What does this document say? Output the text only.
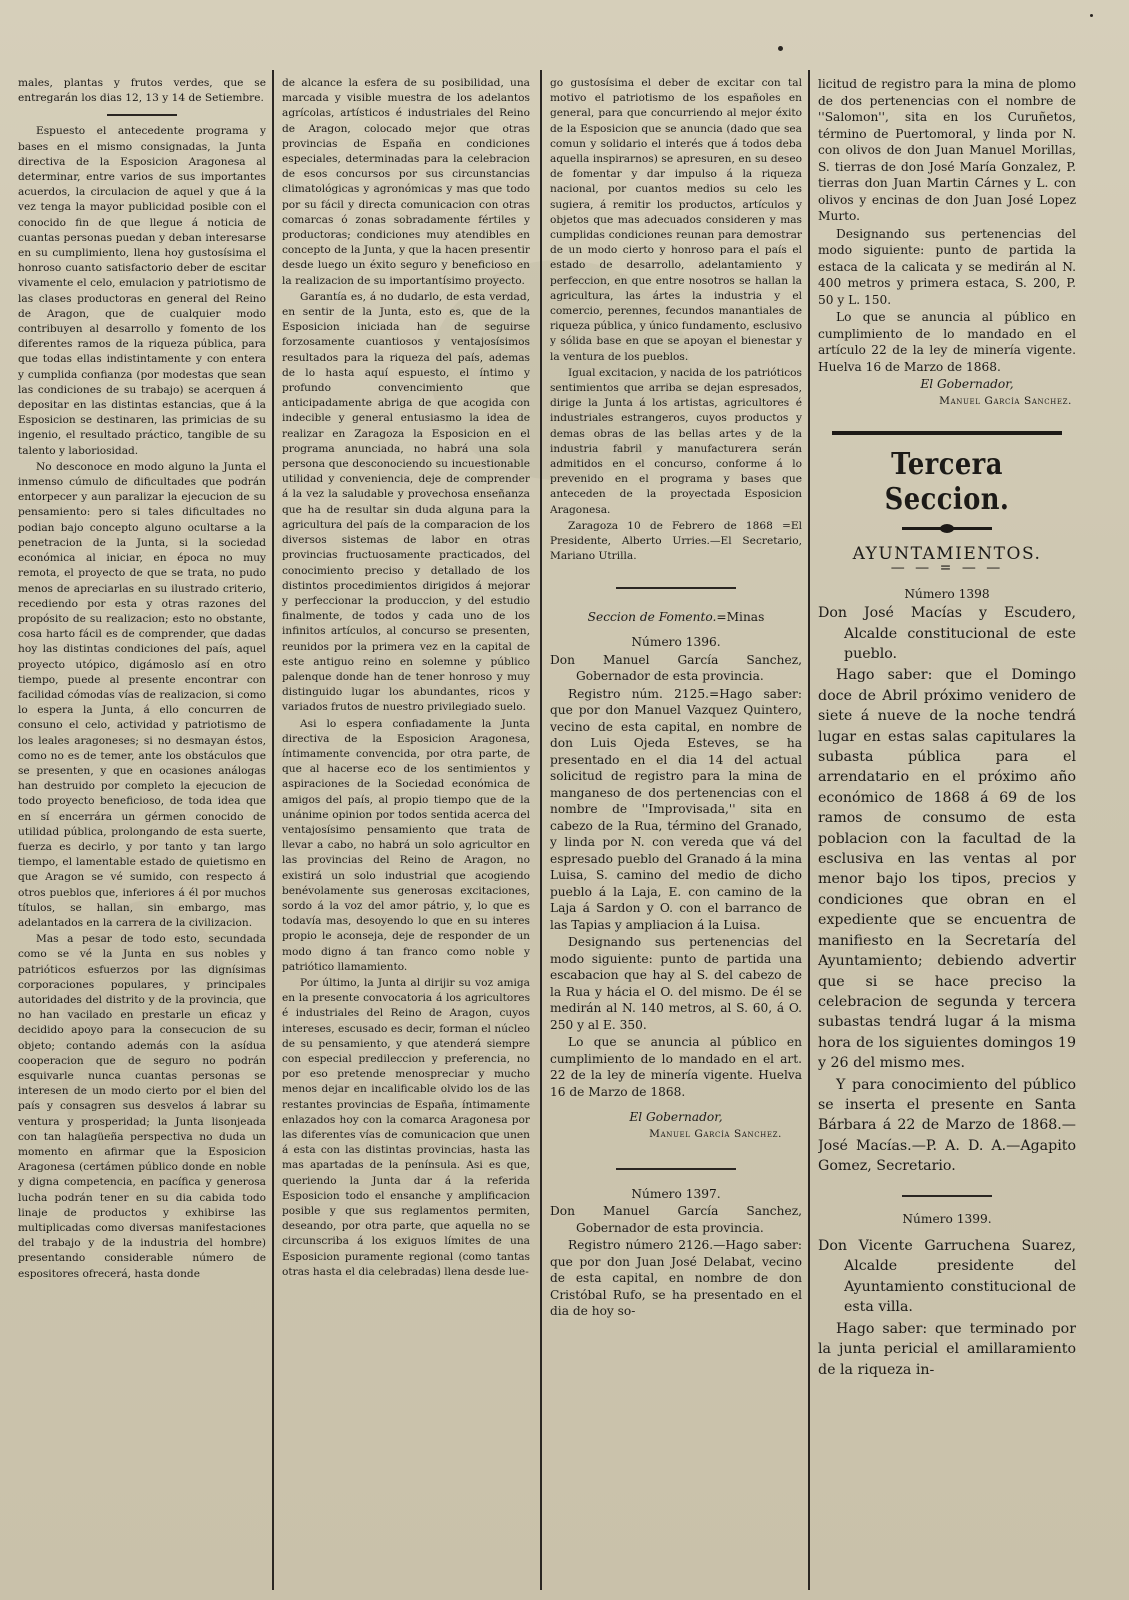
males, plantas y frutos verdes, que se entregarán los dias 12, 13 y 14 de Setiembre.

Espuesto el antecedente programa y bases en el mismo consignadas, la Junta directiva de la Esposicion Aragonesa al determinar, entre varios de sus importantes acuerdos, la circulacion de aquel y que á la vez tenga la mayor publicidad posible con el conocido fin de que llegue á noticia de cuantas personas puedan y deban interesarse en su cumplimiento, llena hoy gustosísima el honroso cuanto satisfactorio deber de escitar vivamente el celo, emulacion y patriotismo de las clases productoras en general del Reino de Aragon, que de cualquier modo contribuyen al desarrollo y fomento de los diferentes ramos de la riqueza pública, para que todas ellas indistintamente y con entera y cumplida confianza (por modestas que sean las condiciones de su trabajo) se acerquen á depositar en las distintas estancias, que á la Esposicion se destinaren, las primicias de su ingenio, el resultado práctico, tangible de su talento y laboriosidad.

No desconoce en modo alguno la Junta el inmenso cúmulo de dificultades que podrán entorpecer y aun paralizar la ejecucion de su pensamiento: pero si tales dificultades no podian bajo concepto alguno ocultarse a la penetracion de la Junta, si la sociedad económica al iniciar, en época no muy remota, el proyecto de que se trata, no pudo menos de apreciarlas en su ilustrado criterio, recediendo por esta y otras razones del propósito de su realizacion; esto no obstante, cosa harto fácil es de comprender, que dadas hoy las distintas condiciones del país, aquel proyecto utópico, digámoslo así en otro tiempo, puede al presente encontrar con facilidad cómodas vías de realizacion, si como lo espera la Junta, á ello concurren de consuno el celo, actividad y patriotismo de los leales aragoneses; si no desmayan éstos, como no es de temer, ante los obstáculos que se presenten, y que en ocasiones análogas han destruido por completo la ejecucion de todo proyecto beneficioso, de toda idea que en sí encerrára un gérmen conocido de utilidad pública, prolongando de esta suerte, fuerza es decirlo, y por tanto y tan largo tiempo, el lamentable estado de quietismo en que Aragon se vé sumido, con respecto á otros pueblos que, inferiores á él por muchos títulos, se hallan, sin embargo, mas adelantados en la carrera de la civilizacion.

Mas a pesar de todo esto, secundada como se vé la Junta en sus nobles y patrióticos esfuerzos por las dignísimas corporaciones populares, y principales autoridades del distrito y de la provincia, que no han vacilado en prestarle un eficaz y decidido apoyo para la consecucion de su objeto; contando además con la asídua cooperacion que de seguro no podrán esquivarle nunca cuantas personas se interesen de un modo cierto por el bien del país y consagren sus desvelos á labrar su ventura y prosperidad; la Junta lisonjeada con tan halagüeña perspectiva no duda un momento en afirmar que la Esposicion Aragonesa (certámen público donde en noble y digna competencia, en pacífica y generosa lucha podrán tener en su dia cabida todo linaje de productos y exhibirse las multiplicadas como diversas manifestaciones del trabajo y de la industria del hombre) presentando considerable número de espositores ofrecerá, hasta donde

de alcance la esfera de su posibilidad, una marcada y visible muestra de los adelantos agrícolas, artísticos é industriales del Reino de Aragon, colocado mejor que otras provincias de España en condiciones especiales, determinadas para la celebracion de esos concursos por sus circunstancias climatológicas y agronómicas y mas que todo por su fácil y directa comunicacion con otras comarcas ó zonas sobradamente fértiles y productoras; condiciones muy atendibles en concepto de la Junta, y que la hacen presentir desde luego un éxito seguro y beneficioso en la realizacion de su importantísimo proyecto.

Garantía es, á no dudarlo, de esta verdad, en sentir de la Junta, esto es, que de la Esposicion iniciada han de seguirse forzosamente cuantiosos y ventajosísimos resultados para la riqueza del país, ademas de lo hasta aquí espuesto, el íntimo y profundo convencimiento que anticipadamente abriga de que acogida con indecible y general entusiasmo la idea de realizar en Zaragoza la Esposicion en el programa anunciada, no habrá una sola persona que desconociendo su incuestionable utilidad y conveniencia, deje de comprender á la vez la saludable y provechosa enseñanza que ha de resultar sin duda alguna para la agricultura del país de la comparacion de los diversos sistemas de labor en otras provincias fructuosamente practicados, del conocimiento preciso y detallado de los distintos procedimientos dirigidos á mejorar y perfeccionar la produccion, y del estudio finalmente, de todos y cada uno de los infinitos artículos, al concurso se presenten, reunidos por la primera vez en la capital de este antiguo reino en solemne y público palenque donde han de tener honroso y muy distinguido lugar los abundantes, ricos y variados frutos de nuestro privilegiado suelo.

Asi lo espera confiadamente la Junta directiva de la Esposicion Aragonesa, íntimamente convencida, por otra parte, de que al hacerse eco de los sentimientos y aspiraciones de la Sociedad económica de amigos del país, al propio tiempo que de la unánime opinion por todos sentida acerca del ventajosísimo pensamiento que trata de llevar a cabo, no habrá un solo agricultor en las provincias del Reino de Aragon, no existirá un solo industrial que acogiendo benévolamente sus generosas excitaciones, sordo á la voz del amor pátrio, y, lo que es todavía mas, desoyendo lo que en su interes propio le aconseja, deje de responder de un modo digno á tan franco como noble y patriótico llamamiento.

Por último, la Junta al dirijir su voz amiga en la presente convocatoria á los agricultores é industriales del Reino de Aragon, cuyos intereses, escusado es decir, forman el núcleo de su pensamiento, y que atenderá siempre con especial predileccion y preferencia, no por eso pretende menospreciar y mucho menos dejar en incalificable olvido los de las restantes provincias de España, íntimamente enlazados hoy con la comarca Aragonesa por las diferentes vías de comunicacion que unen á esta con las distintas provincias, hasta las mas apartadas de la península. Asi es que, queriendo la Junta dar á la referida Esposicion todo el ensanche y amplificacion posible y que sus reglamentos permiten, deseando, por otra parte, que aquella no se circunscriba á los exiguos límites de una Esposicion puramente regional (como tantas otras hasta el dia celebradas) llena desde lue-

go gustosísima el deber de excitar con tal motivo el patriotismo de los españoles en general, para que concurriendo al mejor éxito de la Esposicion que se anuncia (dado que sea comun y solidario el interés que á todos deba aquella inspirarnos) se apresuren, en su deseo de fomentar y dar impulso á la riqueza nacional, por cuantos medios su celo les sugiera, á remitir los productos, artículos y objetos que mas adecuados consideren y mas cumplidas condiciones reunan para demostrar de un modo cierto y honroso para el país el estado de desarrollo, adelantamiento y perfeccion, en que entre nosotros se hallan la agricultura, las ártes la industria y el comercio, perennes, fecundos manantiales de riqueza pública, y único fundamento, esclusivo y sólida base en que se apoyan el bienestar y la ventura de los pueblos.

Igual excitacion, y nacida de los patrióticos sentimientos que arriba se dejan espresados, dirige la Junta á los artistas, agricultores é industriales estrangeros, cuyos productos y demas obras de las bellas artes y de la industria fabril y manufacturera serán admitidos en el concurso, conforme á lo prevenido en el programa y bases que anteceden de la proyectada Esposicion Aragonesa.

Zaragoza 10 de Febrero de 1868 =El Presidente, Alberto Urries.—El Secretario, Mariano Utrilla.

Seccion de Fomento.=Minas

Número 1396.

Don Manuel García Sanchez, Gobernador de esta provincia.

Registro núm. 2125.=Hago saber: que por don Manuel Vazquez Quintero, vecino de esta capital, en nombre de don Luis Ojeda Esteves, se ha presentado en el dia 14 del actual solicitud de registro para la mina de manganeso de dos pertenencias con el nombre de ''Improvisada,'' sita en cabezo de la Rua, término del Granado, y linda por N. con vereda que vá del espresado pueblo del Granado á la mina Luisa, S. camino del medio de dicho pueblo á la Laja, E. con camino de la Laja á Sardon y O. con el barranco de las Tapias y ampliacion á la Luisa.

Designando sus pertenencias del modo siguiente: punto de partida una escabacion que hay al S. del cabezo de la Rua y hácia el O. del mismo. De él se medirán al N. 140 metros, al S. 60, á O. 250 y al E. 350.

Lo que se anuncia al público en cumplimiento de lo mandado en el art. 22 de la ley de minería vigente. Huelva 16 de Marzo de 1868.

El Gobernador,

Manuel García Sanchez.

Número 1397.

Don Manuel García Sanchez, Gobernador de esta provincia.

Registro número 2126.—Hago saber: que por don Juan José Delabat, vecino de esta capital, en nombre de don Cristóbal Rufo, se ha presentado en el dia de hoy so-

licitud de registro para la mina de plomo de dos pertenencias con el nombre de ''Salomon'', sita en los Curuñetos, término de Puertomoral, y linda por N. con olivos de don Juan Manuel Morillas, S. tierras de don José María Gonzalez, P. tierras don Juan Martin Cárnes y L. con olivos y encinas de don Juan José Lopez Murto.

Designando sus pertenencias del modo siguiente: punto de partida la estaca de la calicata y se medirán al N. 400 metros y primera estaca, S. 200, P. 50 y L. 150.

Lo que se anuncia al público en cumplimiento de lo mandado en el artículo 22 de la ley de minería vigente. Huelva 16 de Marzo de 1868.

El Gobernador,

Manuel García Sanchez.

Tercera Seccion.

AYUNTAMIENTOS.

— — = — —

Número 1398

Don José Macías y Escudero, Alcalde constitucional de este pueblo.

Hago saber: que el Domingo doce de Abril próximo venidero de siete á nueve de la noche tendrá lugar en estas salas capitulares la subasta pública para el arrendatario en el próximo año económico de 1868 á 69 de los ramos de consumo de esta poblacion con la facultad de la esclusiva en las ventas al por menor bajo los tipos, precios y condiciones que obran en el expediente que se encuentra de manifiesto en la Secretaría del Ayuntamiento; debiendo advertir que si se hace preciso la celebracion de segunda y tercera subastas tendrá lugar á la misma hora de los siguientes domingos 19 y 26 del mismo mes.

Y para conocimiento del público se inserta el presente en Santa Bárbara á 22 de Marzo de 1868.—José Macías.—P. A. D. A.—Agapito Gomez, Secretario.

Número 1399.

Don Vicente Garruchena Suarez, Alcalde presidente del Ayuntamiento constitucional de esta villa.

Hago saber: que terminado por la junta pericial el amillaramiento de la riqueza in-
